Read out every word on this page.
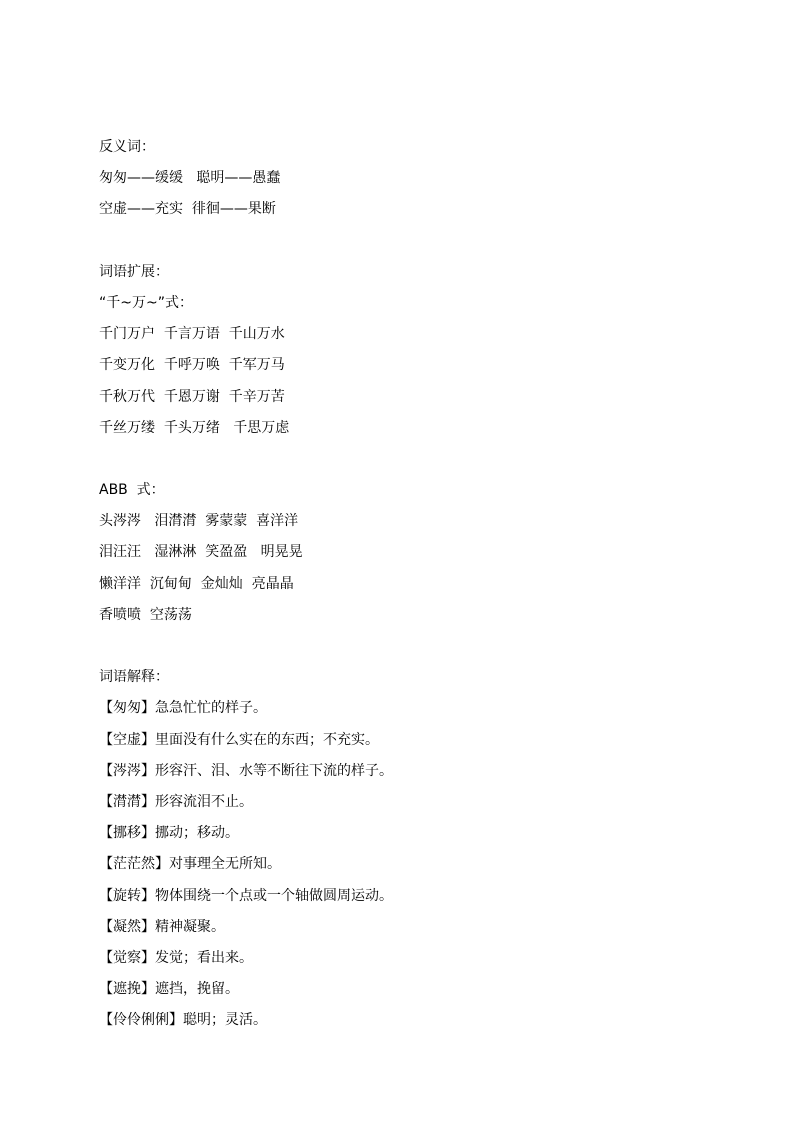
反义词：
匆匆——缓缓   聪明——愚蠢
空虚——充实  徘徊——果断
词语扩展：
“千~万~”式：
千门万户  千言万语  千山万水
千变万化  千呼万唤  千军万马
千秋万代  千恩万谢  千辛万苦
千丝万缕  千头万绪   千思万虑
ABB  式：
头涔涔   泪潸潸  雾蒙蒙  喜洋洋
泪汪汪   湿淋淋  笑盈盈   明晃晃
懒洋洋  沉甸甸  金灿灿  亮晶晶
香喷喷  空荡荡
词语解释：
【匆匆】急急忙忙的样子。
【空虚】里面没有什么实在的东西；不充实。
【涔涔】形容汗、泪、水等不断往下流的样子。
【潸潸】形容流泪不止。
【挪移】挪动；移动。
【茫茫然】对事理全无所知。
【旋转】物体围绕一个点或一个轴做圆周运动。
【凝然】精神凝聚。
【觉察】发觉；看出来。
【遮挽】遮挡，挽留。
【伶伶俐俐】聪明；灵活。
